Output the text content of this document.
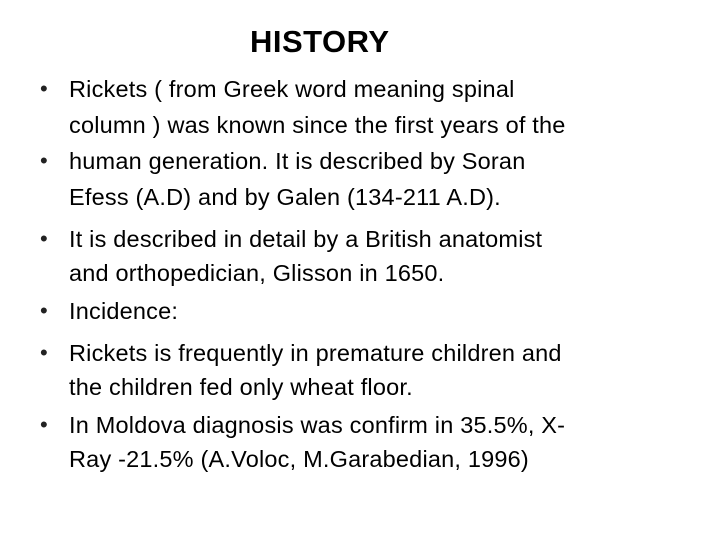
HISTORY
•
•
•
•
•
•
Rickets ( from Greek word meaning spinal
column ) was known since the first years of the
human generation. It is described by Soran
Efess (A.D) and by Galen (134-211 A.D).
It is described in detail by a British anatomist
and orthopedician, Glisson in 1650.
Incidence:
Rickets is frequently in premature children and
the children fed only wheat floor.
In Moldova diagnosis was confirm in 35.5%, X-
Ray -21.5% (A.Voloc, M.Garabedian, 1996)
